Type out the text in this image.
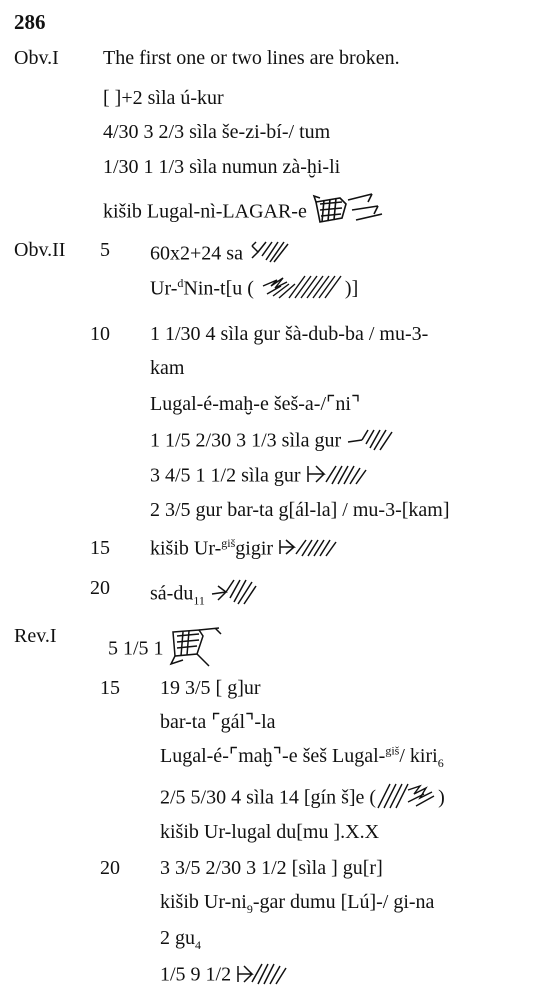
286
Obv.I The first one or two lines are broken.
[ ]+2 sìla ú-kur
4/30 3 2/3 sìla še-zi-bí-/ tum
1/30 1 1/3 sìla numun zà-ḫi-li
kišib Lugal-nì-LAGAR-e
Obv.II 5 60x2+24 sa
Ur-$^d$Nin-t[u (	)]
10 1 1/30 4 sìla gur šà-dub-ba / mu-3-
kam
Lugal-é-maḫ-e šeš-a-/⌜ni⌝
1 1/5 2/30 3 1/3 sìla gur
3 4/5 1 1/2 sìla gur
2 3/5 gur bar-ta g[ál-la] / mu-3-[kam]
15 kišib Ur-$^{giš}$gigir
20 $sá-du_{11}$
Rev.I
5 1/5 1
15 19 3/5 [ g]ur
bar-ta ⌜gál⌝-la
Lugal-é-⌜maḫ⌝-e šeš Lugal-$^{giš}$/ kiri$_6$
2/5 5/30 4 sìla 14 [gín š]e (	)
kišib Ur-lugal du[mu ].X.X
20 3 3/5 2/30 3 1/2 [sìla ] gu[r]
kišib $Ur-ni_9$-gar dumu [Lú]-/ gi-na
2 $gu_4$
1/5 9 1/2
